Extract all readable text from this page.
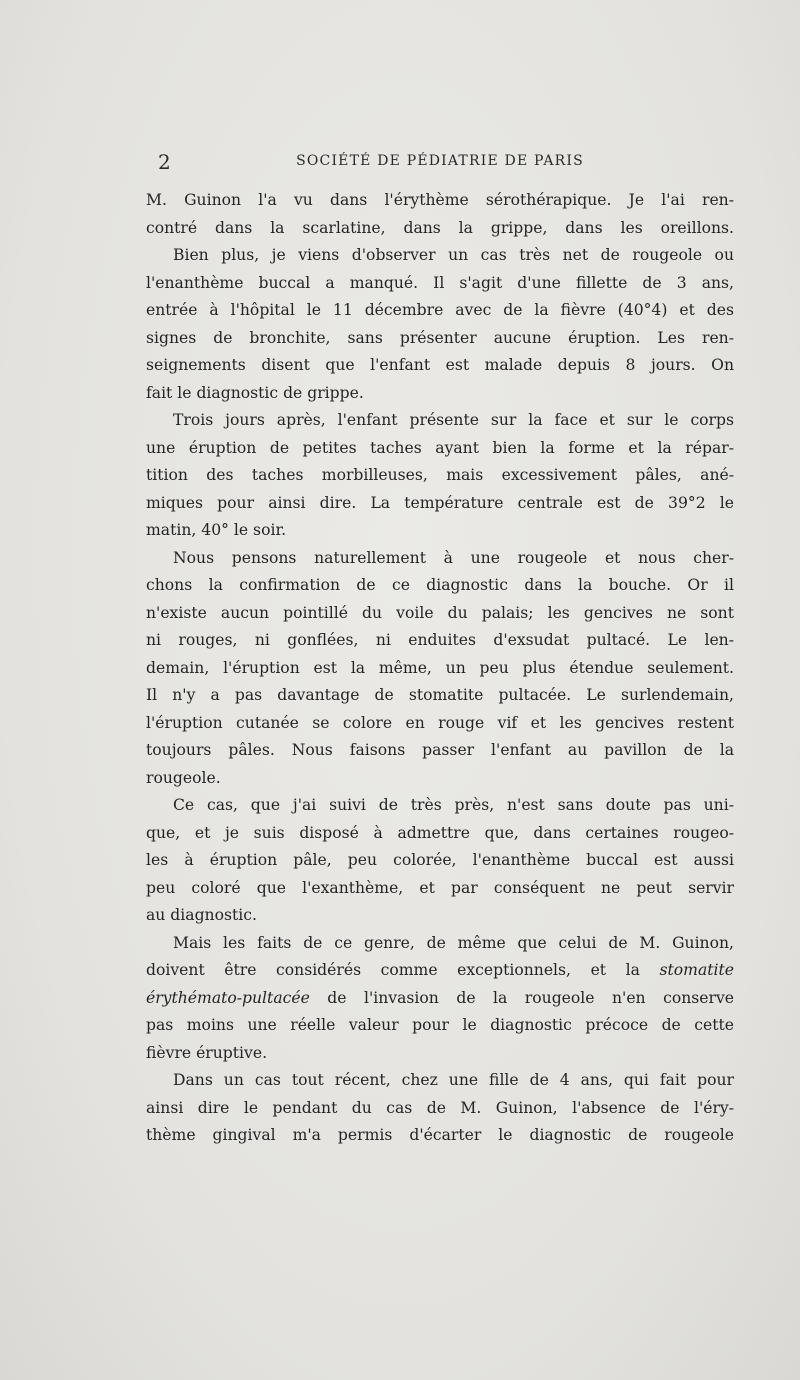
2	SOCIÉTÉ DE PÉDIATRIE DE PARIS
M. Guinon l'a vu dans l'érythème sérothérapique. Je l'ai ren-
contré dans la scarlatine, dans la grippe, dans les oreillons.
Bien plus, je viens d'observer un cas très net de rougeole ou
l'enanthème buccal a manqué. Il s'agit d'une fillette de 3 ans,
entrée à l'hôpital le 11 décembre avec de la fièvre (40°4) et des
signes de bronchite, sans présenter aucune éruption. Les ren-
seignements disent que l'enfant est malade depuis 8 jours. On
fait le diagnostic de grippe.
Trois jours après, l'enfant présente sur la face et sur le corps
une éruption de petites taches ayant bien la forme et la répar-
tition des taches morbilleuses, mais excessivement pâles, ané-
miques pour ainsi dire. La température centrale est de 39°2 le
matin, 40° le soir.
Nous pensons naturellement à une rougeole et nous cher-
chons la confirmation de ce diagnostic dans la bouche. Or il
n'existe aucun pointillé du voile du palais; les gencives ne sont
ni rouges, ni gonflées, ni enduites d'exsudat pultacé. Le len-
demain, l'éruption est la même, un peu plus étendue seulement.
Il n'y a pas davantage de stomatite pultacée. Le surlendemain,
l'éruption cutanée se colore en rouge vif et les gencives restent
toujours pâles. Nous faisons passer l'enfant au pavillon de la
rougeole.
Ce cas, que j'ai suivi de très près, n'est sans doute pas uni-
que, et je suis disposé à admettre que, dans certaines rougeo-
les à éruption pâle, peu colorée, l'enanthème buccal est aussi
peu coloré que l'exanthème, et par conséquent ne peut servir
au diagnostic.
Mais les faits de ce genre, de même que celui de M. Guinon,
doivent être considérés comme exceptionnels, et la stomatite
érythémato-pultacée de l'invasion de la rougeole n'en conserve
pas moins une réelle valeur pour le diagnostic précoce de cette
fièvre éruptive.
Dans un cas tout récent, chez une fille de 4 ans, qui fait pour
ainsi dire le pendant du cas de M. Guinon, l'absence de l'éry-
thème gingival m'a permis d'écarter le diagnostic de rougeole
